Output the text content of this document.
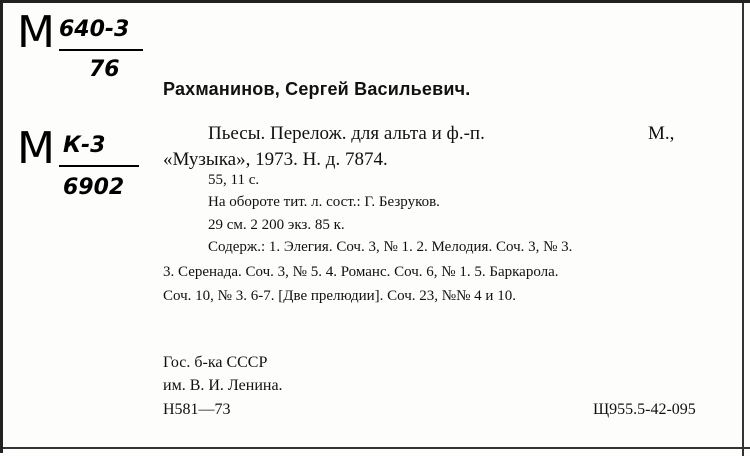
М 640-3
76
М К-3
6902
Рахманинов, Сергей Васильевич.
Пьесы. Перелож. для альта и ф.-п.	М.,
«Музыка», 1973. Н. д. 7874.
55, 11 с.
На обороте тит. л. сост.: Г. Безруков.
29 см. 2 200 экз. 85 к.
Содерж.: 1. Элегия. Соч. 3, № 1. 2. Мелодия. Соч. 3, № 3.
3. Серенада. Соч. 3, № 5. 4. Романс. Соч. 6, № 1. 5. Баркарола.
Соч. 10, № 3. 6-7. [Две прелюдии]. Соч. 23, №№ 4 и 10.
Гос. б-ка СССР
им. В. И. Ленина.
Н581—73	Щ955.5-42-095
